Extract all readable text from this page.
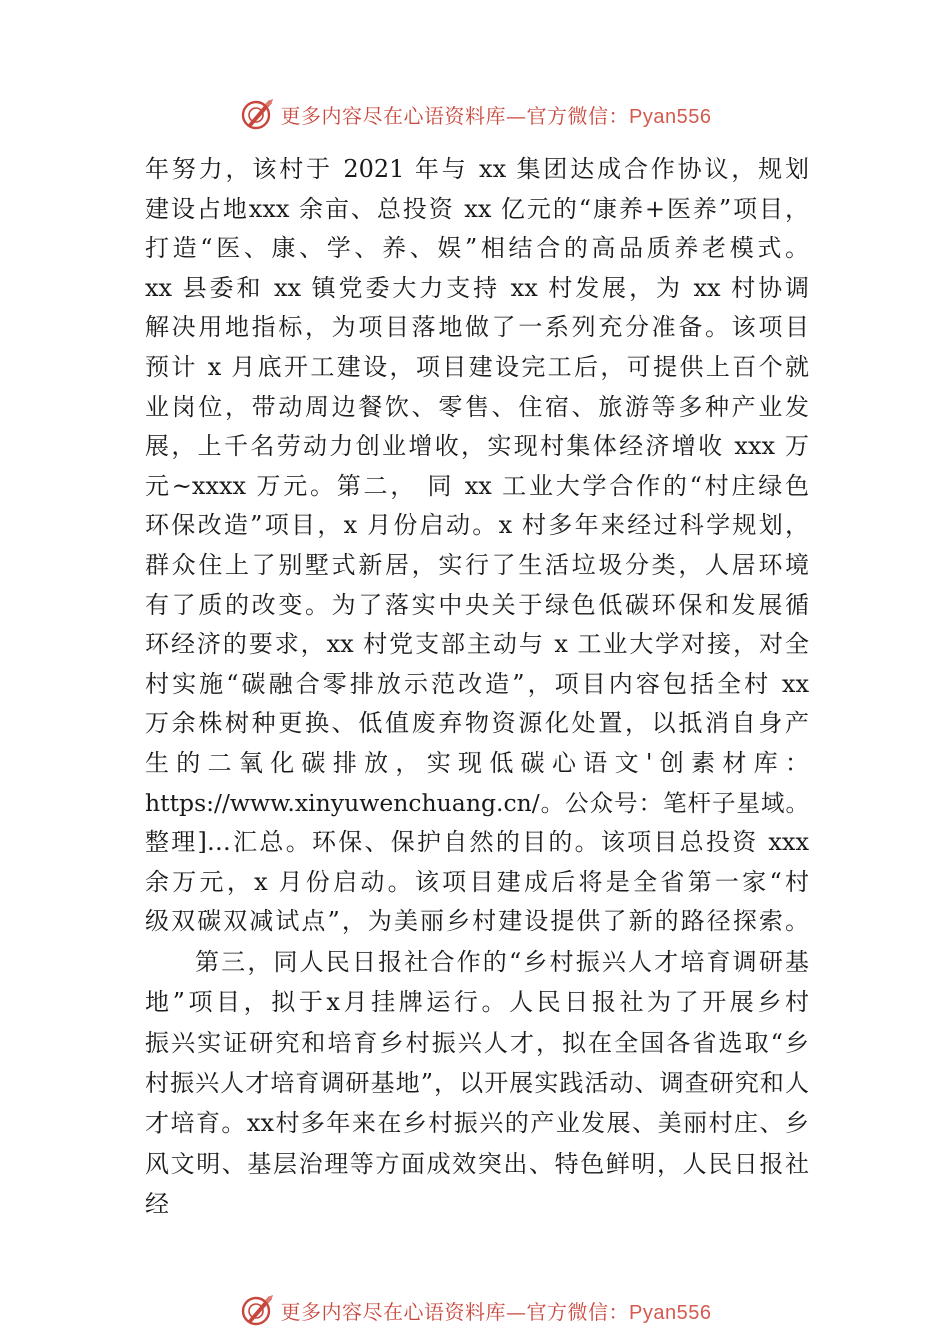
更多内容尽在心语资料库—官方微信：Pyan556
年努力，该村于 2021 年与 xx 集团达成合作协议，规划
建设占地xxx 余亩、总投资 xx 亿元的“康养+医养”项目，
打造“医、康、学、养、娱”相结合的高品质养老模式。
xx 县委和 xx 镇党委大力支持 xx 村发展，为 xx 村协调
解决用地指标，为项目落地做了一系列充分准备。该项目
预计 x 月底开工建设，项目建设完工后，可提供上百个就
业岗位，带动周边餐饮、零售、住宿、旅游等多种产业发
展，上千名劳动力创业增收，实现村集体经济增收 xxx 万
元~xxxx 万元。第二， 同 xx 工业大学合作的“村庄绿色
环保改造”项目，x 月份启动。x 村多年来经过科学规划，
群众住上了别墅式新居，实行了生活垃圾分类，人居环境
有了质的改变。为了落实中央关于绿色低碳环保和发展循
环经济的要求，xx 村党支部主动与 x 工业大学对接，对全
村实施“碳融合零排放示范改造”，项目内容包括全村 xx
万余株树种更换、低值废弃物资源化处置，以抵消自身产
生的二氧化碳排放，实现低碳心语文'创素材库：
https://www.xinyuwenchuang.cn/。公众号：笔杆子星域。
整理]…汇总。环保、保护自然的目的。该项目总投资 xxx
余万元，x 月份启动。该项目建成后将是全省第一家“村
级双碳双减试点”，为美丽乡村建设提供了新的路径探索。
第三，同人民日报社合作的“乡村振兴人才培育调研基
地”项目，拟于x月挂牌运行。人民日报社为了开展乡村
振兴实证研究和培育乡村振兴人才，拟在全国各省选取“乡
村振兴人才培育调研基地”，以开展实践活动、调查研究和人
才培育。xx村多年来在乡村振兴的产业发展、美丽村庄、乡
风文明、基层治理等方面成效突出、特色鲜明，人民日报社
经
更多内容尽在心语资料库—官方微信：Pyan556
